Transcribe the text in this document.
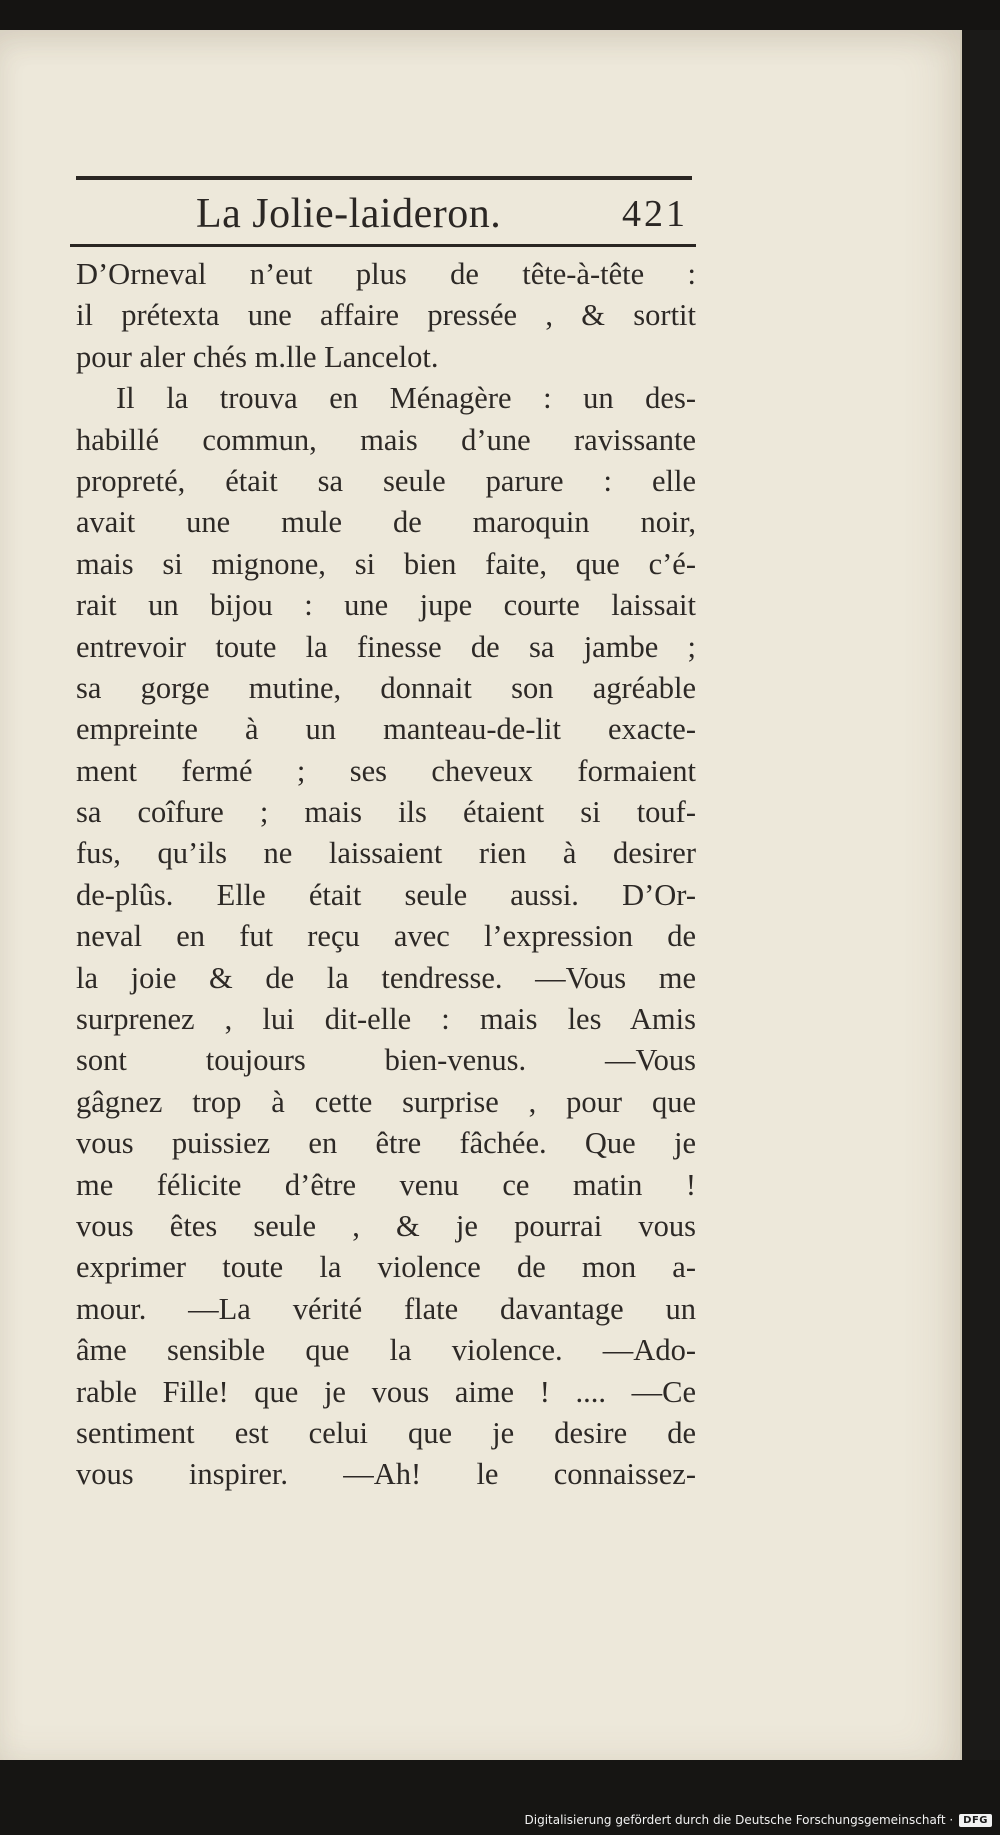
La Jolie-laideron.	421
D’Orneval n’eut plus de tête-à-tête :
il prétexta une affaire pressée , & sortit
pour aler chés m.lle Lancelot.
Il la trouva en Ménagère : un des-
habillé commun, mais d’une ravissante
propreté, était sa seule parure : elle
avait une mule de maroquin noir,
mais si mignone, si bien faite, que c’é-
rait un bijou : une jupe courte laissait
entrevoir toute la finesse de sa jambe ;
sa gorge mutine, donnait son agréable
empreinte à un manteau-de-lit exacte-
ment fermé ; ses cheveux formaient
sa coîfure ; mais ils étaient si touf-
fus, qu’ils ne laissaient rien à desirer
de-plûs. Elle était seule aussi. D’Or-
neval en fut reçu avec l’expression de
la joie & de la tendresse. —Vous me
surprenez , lui dit-elle : mais les Amis
sont toujours bien-venus. —Vous
gâgnez trop à cette surprise , pour que
vous puissiez en être fâchée. Que je
me félicite d’être venu ce matin !
vous êtes seule , & je pourrai vous
exprimer toute la violence de mon a-
mour. —La vérité flate davantage un
âme sensible que la violence. —Ado-
rable Fille! que je vous aime ! .... —Ce
sentiment est celui que je desire de
vous inspirer. —Ah! le connaissez-
Digitalisierung gefördert durch die Deutsche Forschungsgemeinschaft ·	DFG
